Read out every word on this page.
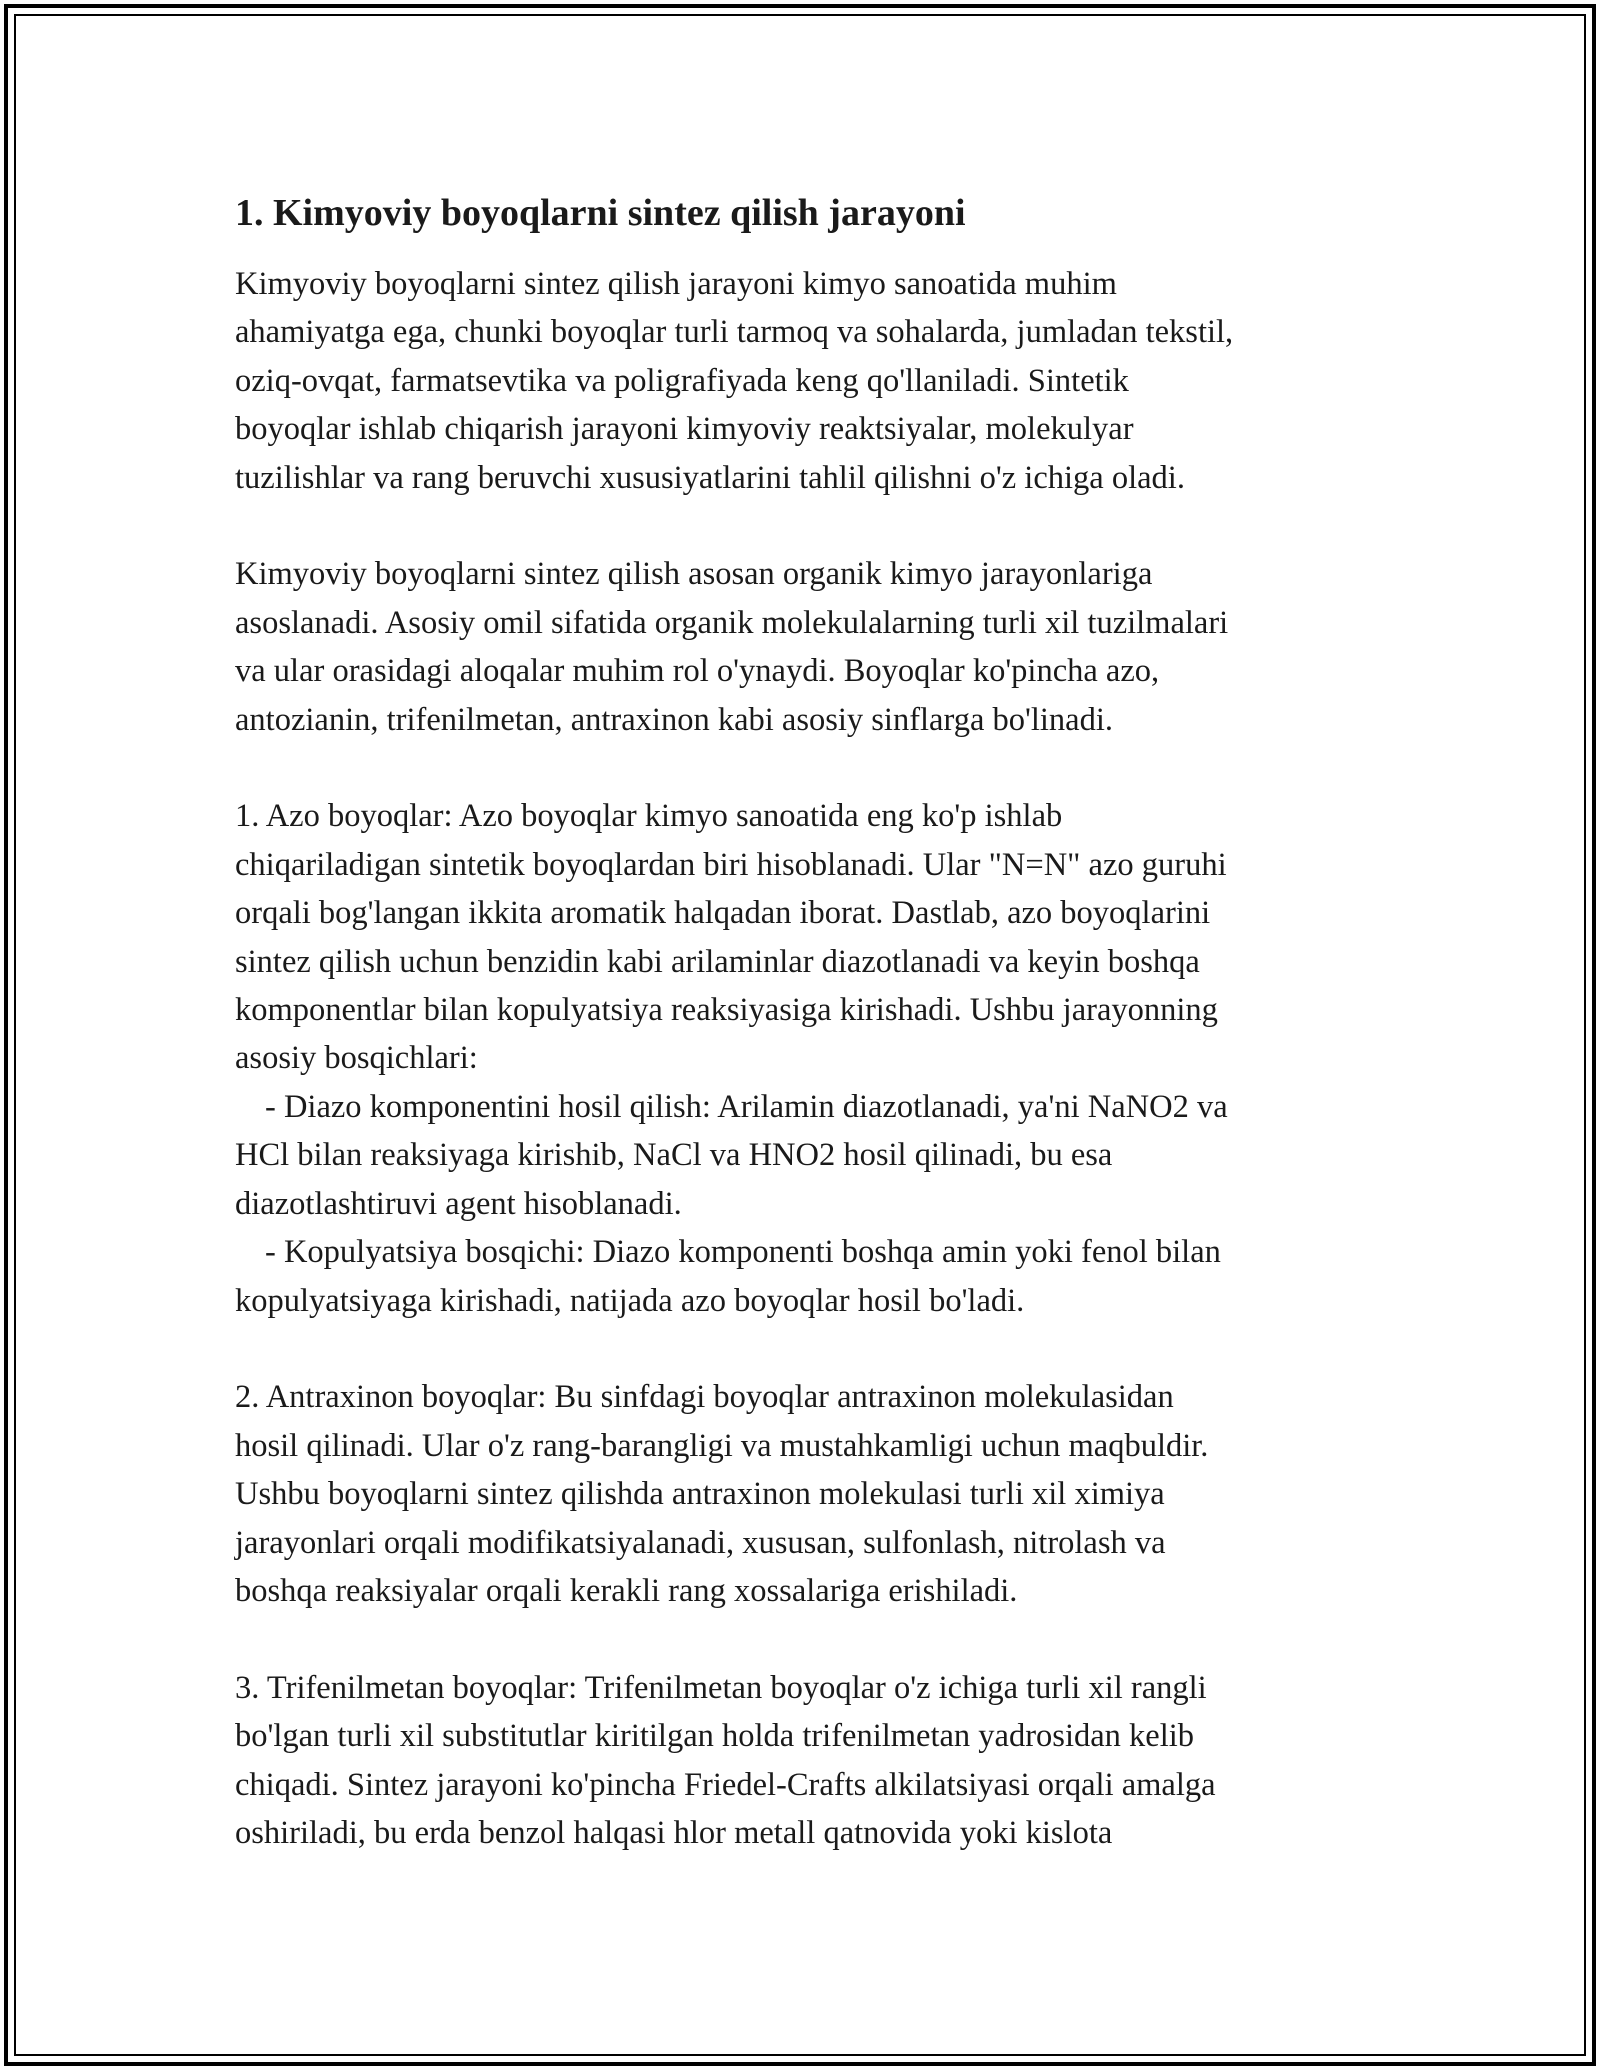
1. Kimyoviy boyoqlarni sintez qilish jarayoni

Kimyoviy boyoqlarni sintez qilish jarayoni kimyo sanoatida muhim
ahamiyatga ega, chunki boyoqlar turli tarmoq va sohalarda, jumladan tekstil,
oziq-ovqat, farmatsevtika va poligrafiyada keng qo'llaniladi. Sintetik
boyoqlar ishlab chiqarish jarayoni kimyoviy reaktsiyalar, molekulyar
tuzilishlar va rang beruvchi xususiyatlarini tahlil qilishni o'z ichiga oladi.

Kimyoviy boyoqlarni sintez qilish asosan organik kimyo jarayonlariga
asoslanadi. Asosiy omil sifatida organik molekulalarning turli xil tuzilmalari
va ular orasidagi aloqalar muhim rol o'ynaydi. Boyoqlar ko'pincha azo,
antozianin, trifenilmetan, antraxinon kabi asosiy sinflarga bo'linadi.

1. Azo boyoqlar: Azo boyoqlar kimyo sanoatida eng ko'p ishlab
chiqariladigan sintetik boyoqlardan biri hisoblanadi. Ular "N=N" azo guruhi
orqali bog'langan ikkita aromatik halqadan iborat. Dastlab, azo boyoqlarini
sintez qilish uchun benzidin kabi arilaminlar diazotlanadi va keyin boshqa
komponentlar bilan kopulyatsiya reaksiyasiga kirishadi. Ushbu jarayonning
asosiy bosqichlari:
- Diazo komponentini hosil qilish: Arilamin diazotlanadi, ya'ni NaNO2 va
HCl bilan reaksiyaga kirishib, NaCl va HNO2 hosil qilinadi, bu esa
diazotlashtiruvi agent hisoblanadi.
- Kopulyatsiya bosqichi: Diazo komponenti boshqa amin yoki fenol bilan
kopulyatsiyaga kirishadi, natijada azo boyoqlar hosil bo'ladi.

2. Antraxinon boyoqlar: Bu sinfdagi boyoqlar antraxinon molekulasidan
hosil qilinadi. Ular o'z rang-barangligi va mustahkamligi uchun maqbuldir.
Ushbu boyoqlarni sintez qilishda antraxinon molekulasi turli xil ximiya
jarayonlari orqali modifikatsiyalanadi, xususan, sulfonlash, nitrolash va
boshqa reaksiyalar orqali kerakli rang xossalariga erishiladi.

3. Trifenilmetan boyoqlar: Trifenilmetan boyoqlar o'z ichiga turli xil rangli
bo'lgan turli xil substitutlar kiritilgan holda trifenilmetan yadrosidan kelib
chiqadi. Sintez jarayoni ko'pincha Friedel-Crafts alkilatsiyasi orqali amalga
oshiriladi, bu erda benzol halqasi hlor metall qatnovida yoki kislota
